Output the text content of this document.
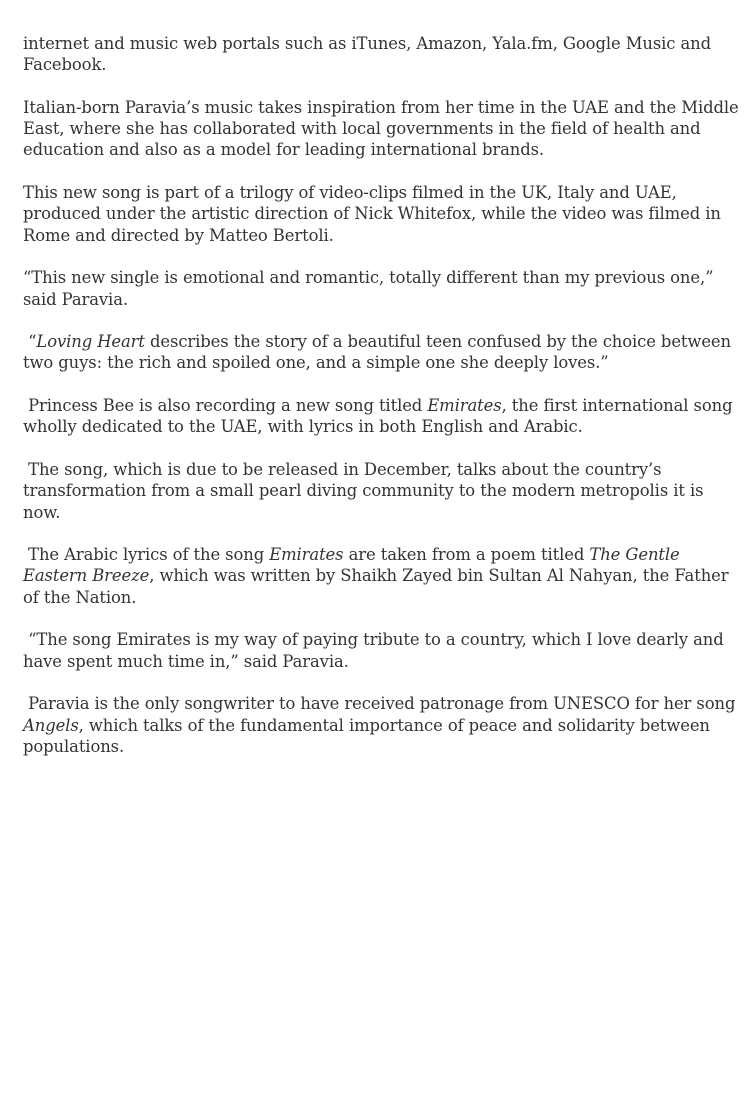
internet and music web portals such as iTunes, Amazon, Yala.fm, Google Music and Facebook.

Italian-born Paravia’s music takes inspiration from her time in the UAE and the Middle East, where she has collaborated with local governments in the field of health and education and also as a model for leading international brands.

This new song is part of a trilogy of video-clips filmed in the UK, Italy and UAE, produced under the artistic direction of Nick Whitefox, while the video was filmed in Rome and directed by Matteo Bertoli.

“This new single is emotional and romantic, totally different than my previous one,” said Paravia.

“Loving Heart describes the story of a beautiful teen confused by the choice between two guys: the rich and spoiled one, and a simple one she deeply loves.”

Princess Bee is also recording a new song titled Emirates, the first international song wholly dedicated to the UAE, with lyrics in both English and Arabic.

The song, which is due to be released in December, talks about the country’s transformation from a small pearl diving community to the modern metropolis it is now.

The Arabic lyrics of the song Emirates are taken from a poem titled The Gentle Eastern Breeze, which was written by Shaikh Zayed bin Sultan Al Nahyan, the Father of the Nation.

“The song Emirates is my way of paying tribute to a country, which I love dearly and have spent much time in,” said Paravia.

Paravia is the only songwriter to have received patronage from UNESCO for her song Angels, which talks of the fundamental importance of peace and solidarity between populations.
